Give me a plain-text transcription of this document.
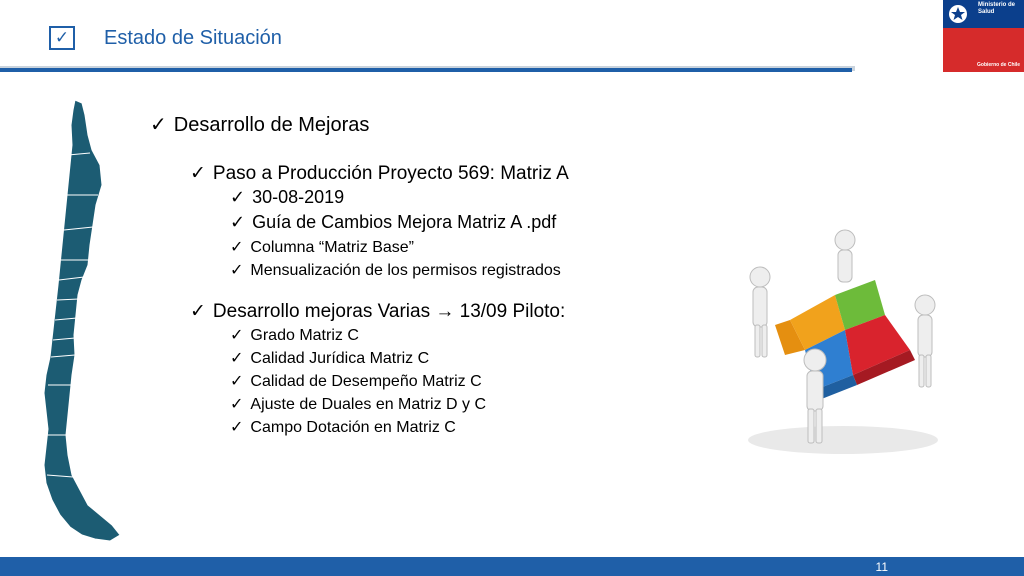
✓ Estado de Situación
Ministerio de Salud
Gobierno de Chile
✓ Desarrollo de Mejoras
✓ Paso a Producción Proyecto 569: Matriz A
✓ 30-08-2019
✓ Guía de Cambios Mejora Matriz A .pdf
✓ Columna “Matriz Base”
✓ Mensualización de los permisos registrados
✓ Desarrollo mejoras Varias → 13/09 Piloto:
✓ Grado Matriz C
✓ Calidad Jurídica Matriz C
✓ Calidad de Desempeño Matriz C
✓ Ajuste de Duales en Matriz D y C
✓ Campo Dotación en Matriz C
11
